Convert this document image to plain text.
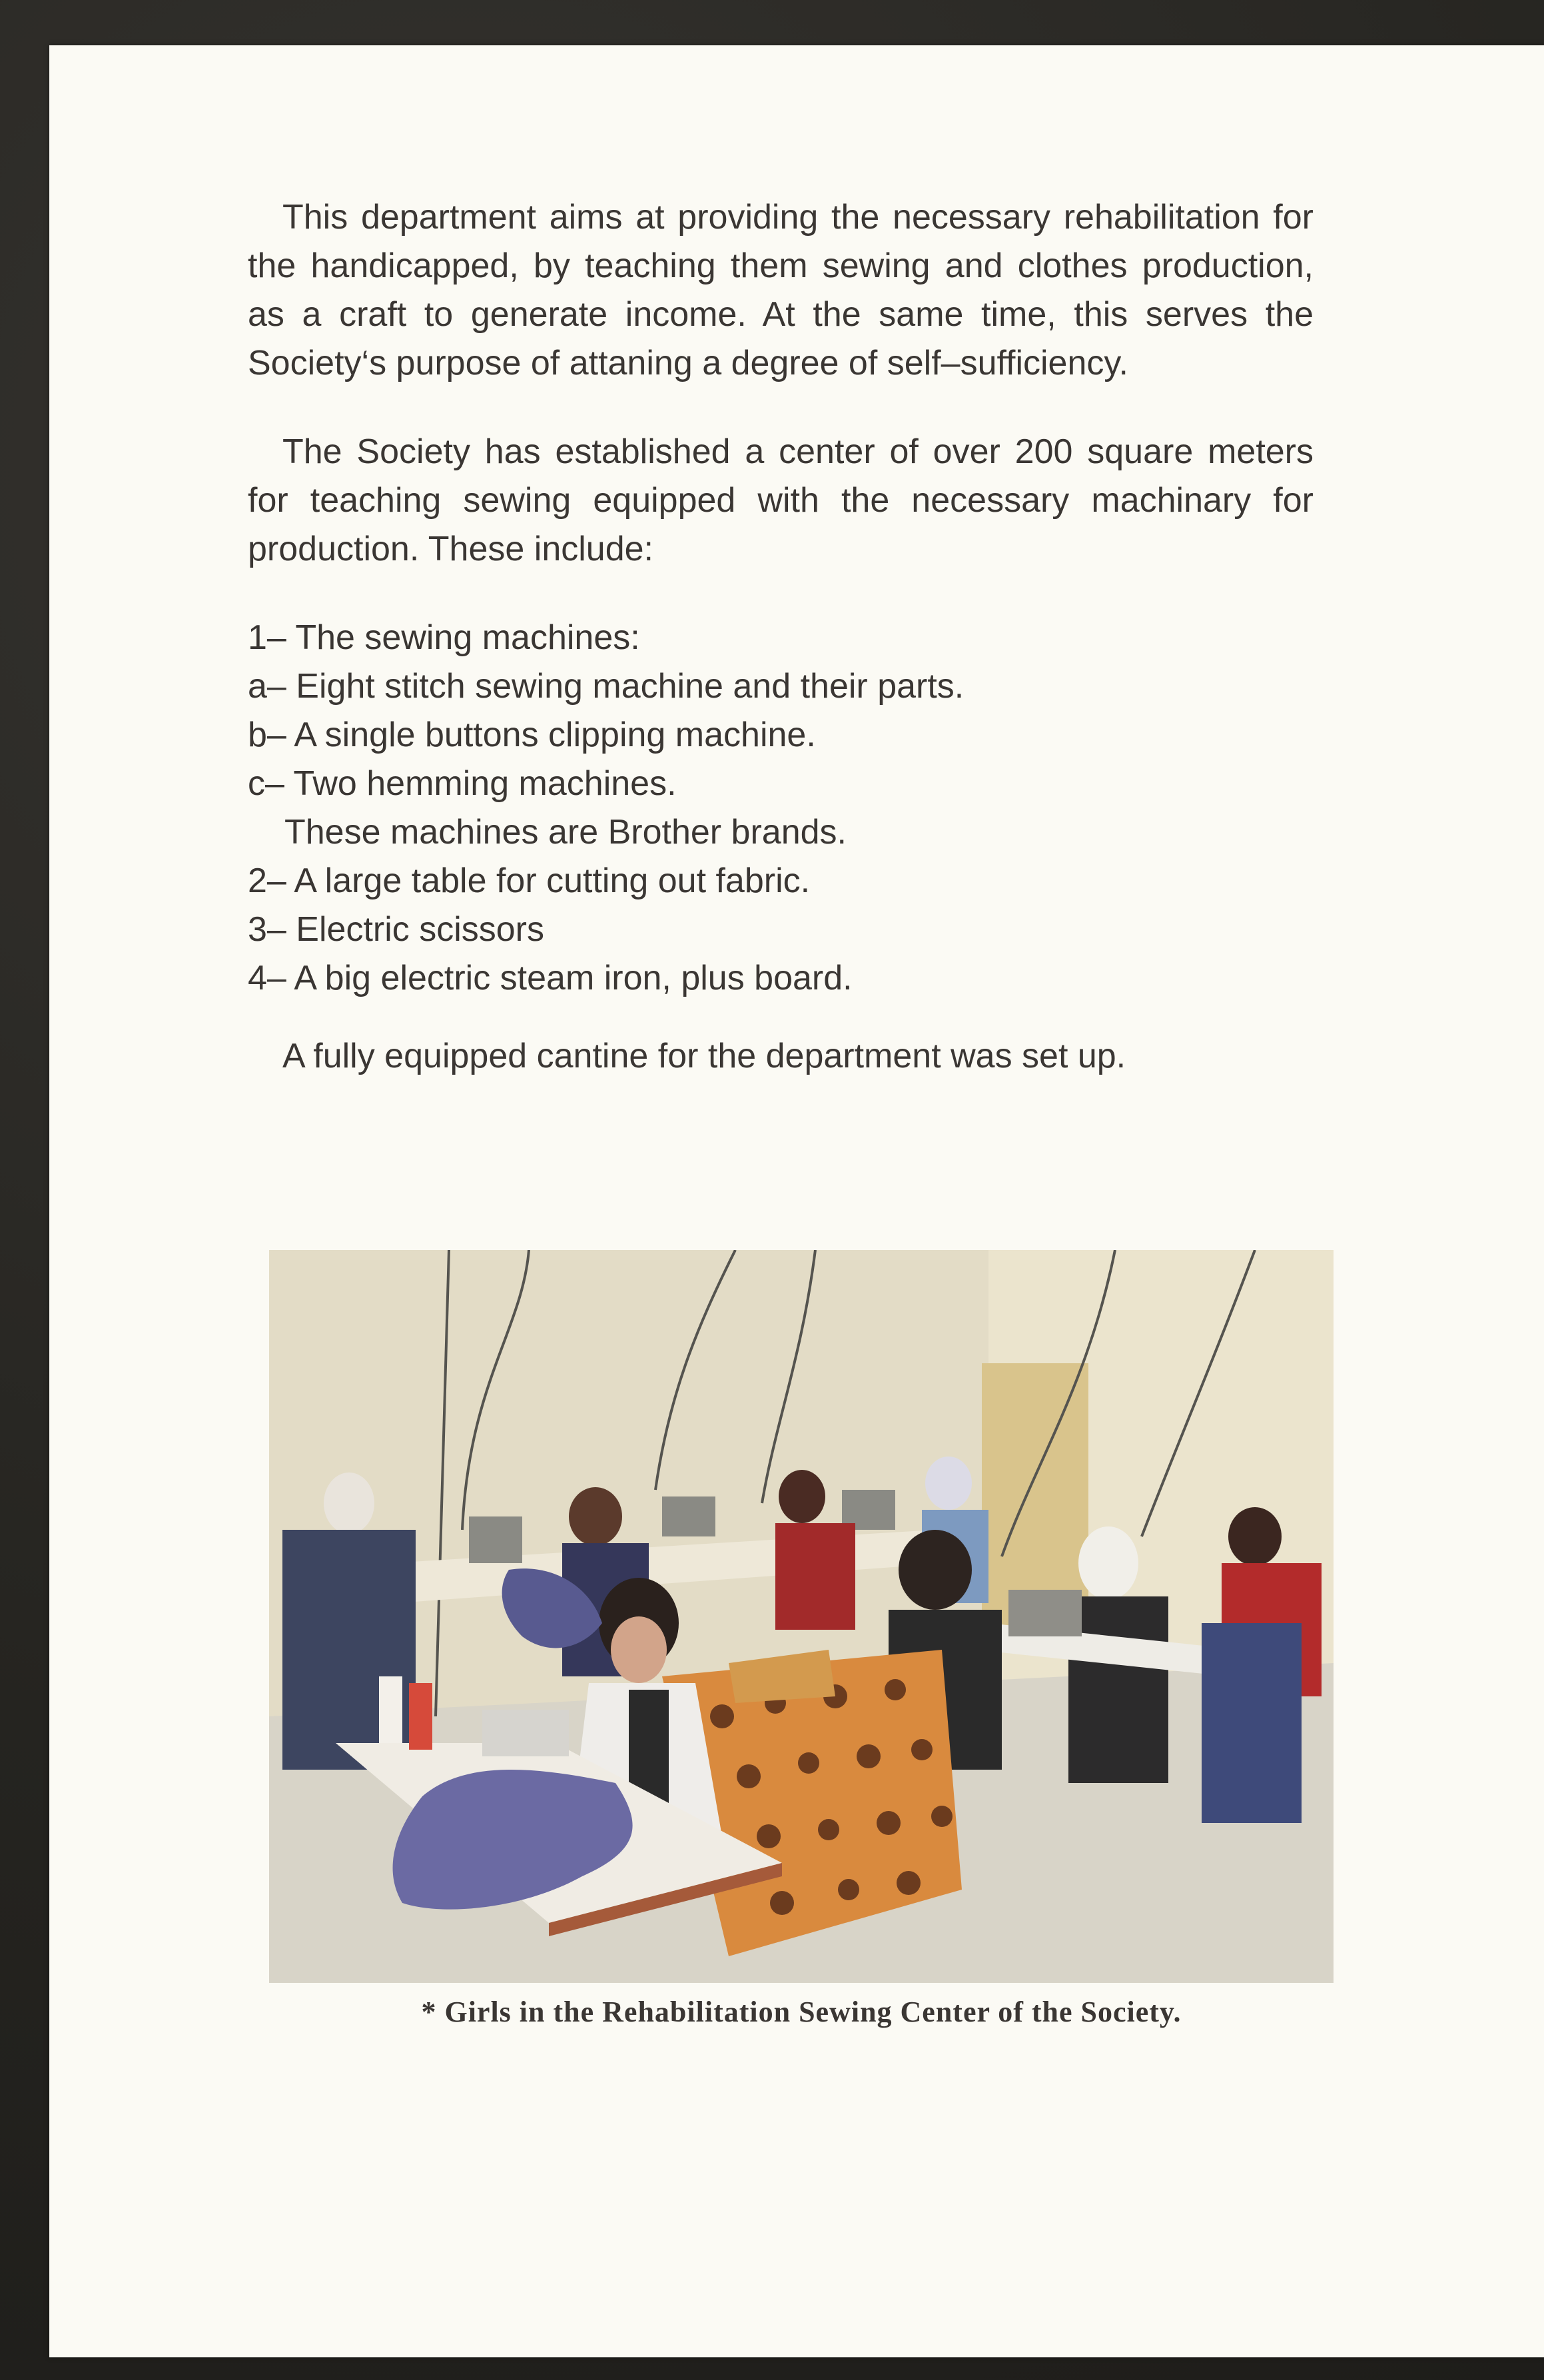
This department aims at providing the necessary rehabilitation for the handicapped, by teaching them sewing and clothes production, as a craft to generate income. At the same time, this serves the Society‘s purpose of attaning a degree of self–sufficiency.

The Society has established a center of over 200 square meters for teaching sewing equipped with the necessary machinary for production. These include:

1– The sewing machines:
a– Eight stitch sewing machine and their parts.
b– A single buttons clipping machine.
c– Two hemming machines.
These machines are Brother brands.
2– A large table for cutting out fabric.
3– Electric scissors
4– A big electric steam iron, plus board.

A fully equipped cantine for the department was set up.

* Girls in the Rehabilitation Sewing Center of the Society.
